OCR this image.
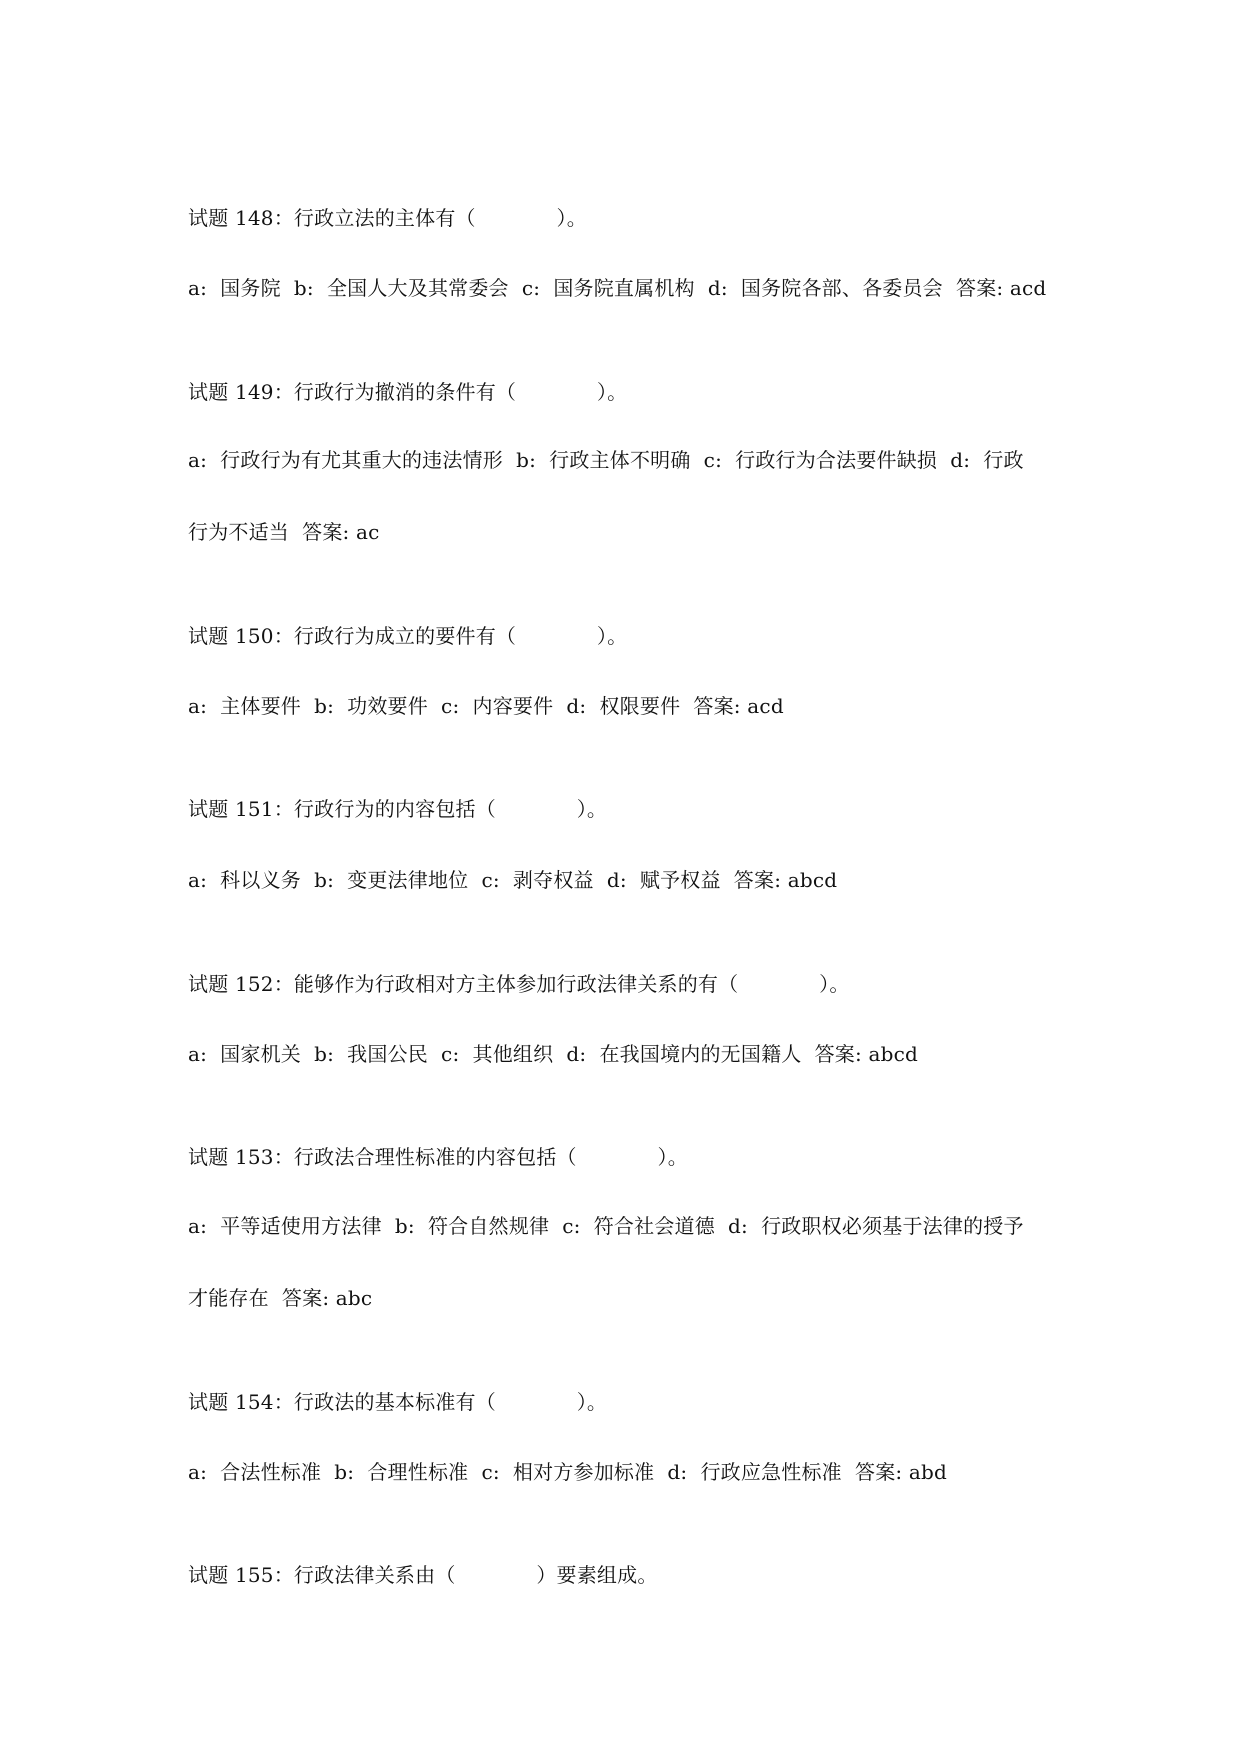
试题 148：行政立法的主体有（　　　　）。

a:  国务院  b:  全国人大及其常委会  c:  国务院直属机构  d:  国务院各部、各委员会  答案: acd

试题 149：行政行为撤消的条件有（　　　　）。

a:  行政行为有尤其重大的违法情形  b:  行政主体不明确  c:  行政行为合法要件缺损  d:  行政

行为不适当  答案: ac

试题 150：行政行为成立的要件有（　　　　）。

a:  主体要件  b:  功效要件  c:  内容要件  d:  权限要件  答案: acd

试题 151：行政行为的内容包括（　　　　）。

a:  科以义务  b:  变更法律地位  c:  剥夺权益  d:  赋予权益  答案: abcd

试题 152：能够作为行政相对方主体参加行政法律关系的有（　　　　）。

a:  国家机关  b:  我国公民  c:  其他组织  d:  在我国境内的无国籍人  答案: abcd

试题 153：行政法合理性标准的内容包括（　　　　）。

a:  平等适使用方法律  b:  符合自然规律  c:  符合社会道德  d:  行政职权必须基于法律的授予

才能存在  答案: abc

试题 154：行政法的基本标准有（　　　　）。

a:  合法性标准  b:  合理性标准  c:  相对方参加标准  d:  行政应急性标准  答案: abd

试题 155：行政法律关系由（　　　　）要素组成。
